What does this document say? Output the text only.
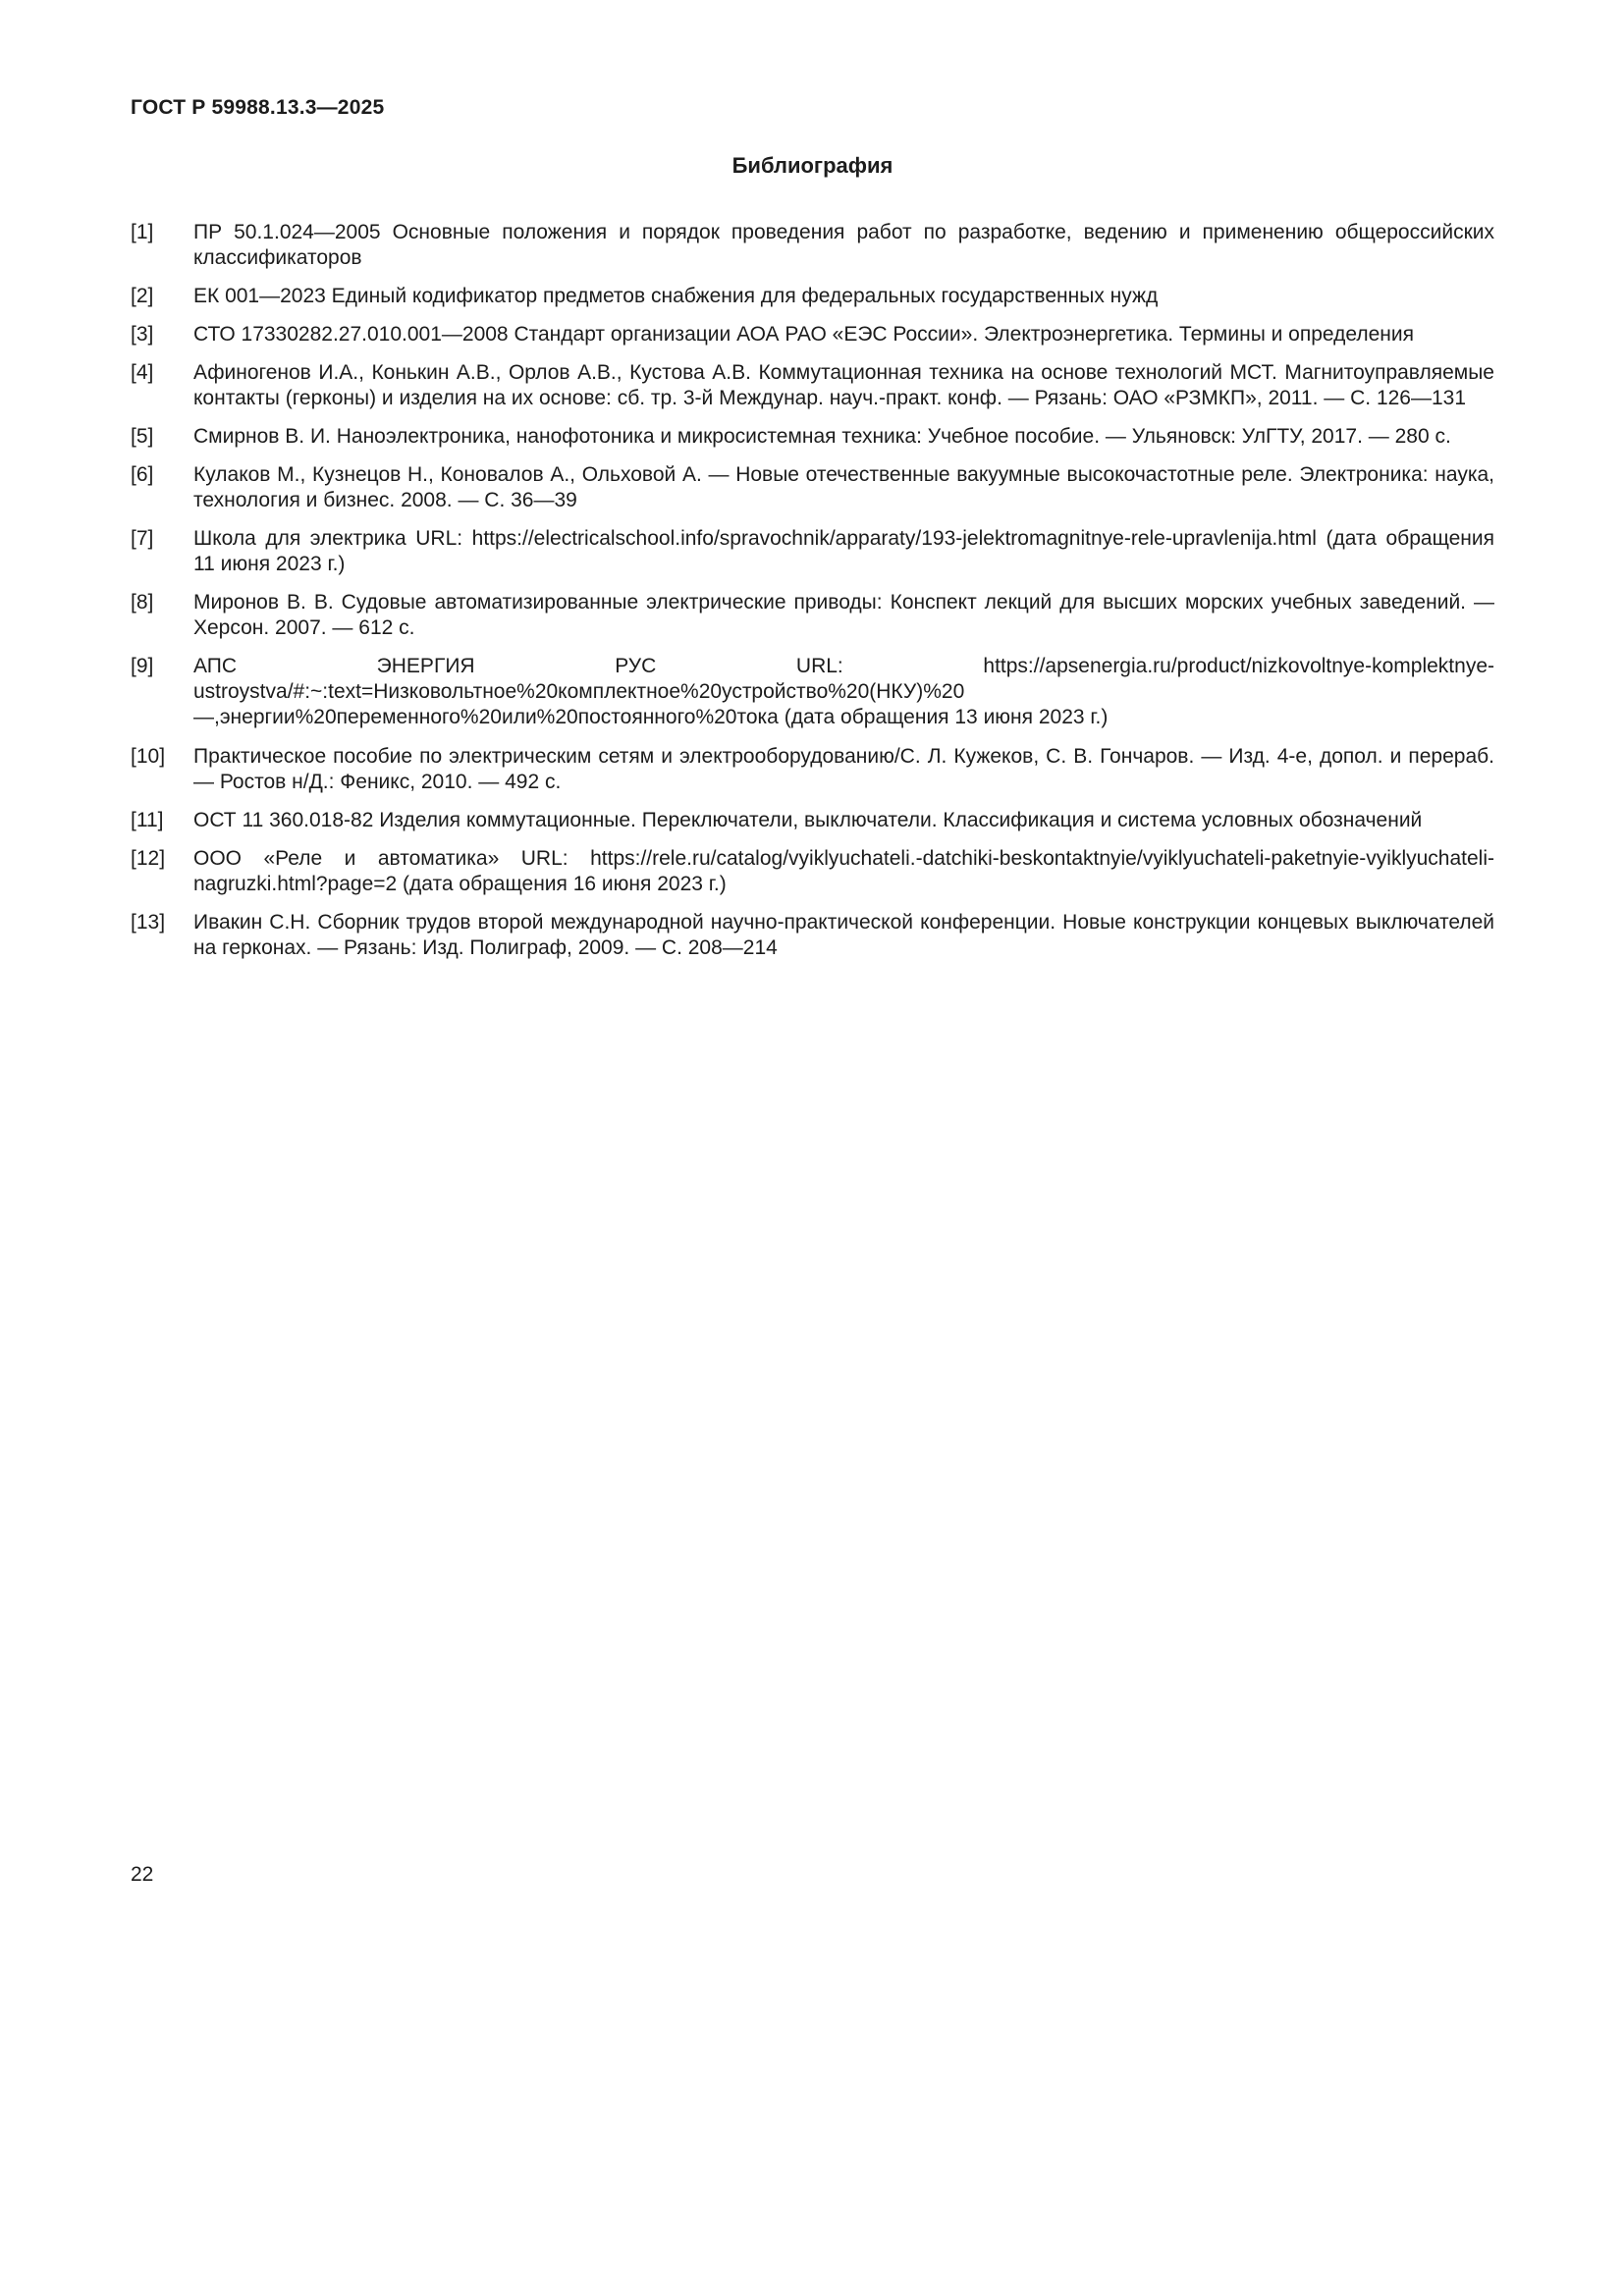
ГОСТ Р 59988.13.3—2025
Библиография
[1]	ПР 50.1.024—2005 Основные положения и порядок проведения работ по разработке, ведению и применению общероссийских классификаторов
[2]	ЕК 001—2023 Единый кодификатор предметов снабжения для федеральных государственных нужд
[3]	СТО 17330282.27.010.001—2008 Стандарт организации АОА РАО «ЕЭС России». Электроэнергетика. Термины и определения
[4]	Афиногенов И.А., Конькин А.В., Орлов А.В., Кустова А.В. Коммутационная техника на основе технологий МСТ. Магнитоуправляемые контакты (герконы) и изделия на их основе: сб. тр. 3-й Междунар. науч.-практ. конф. — Рязань: ОАО «РЗМКП», 2011. — С. 126—131
[5]	Смирнов В. И. Наноэлектроника, нанофотоника и микросистемная техника: Учебное пособие. — Ульяновск: УлГТУ, 2017. — 280 с.
[6]	Кулаков М., Кузнецов Н., Коновалов А., Ольховой А. — Новые отечественные вакуумные высокочастотные реле. Электроника: наука, технология и бизнес. 2008. — С. 36—39
[7]	Школа для электрика URL: https://electricalschool.info/spravochnik/apparaty/193-jelektromagnitnye-rele-upravlenija.html (дата обращения 11 июня 2023 г.)
[8]	Миронов В. В. Судовые автоматизированные электрические приводы: Конспект лекций для высших морских учебных заведений. — Херсон. 2007. — 612 с.
[9]	АПС ЭНЕРГИЯ РУС URL: https://apsenergia.ru/product/nizkovoltnye-komplektnye-ustroystva/#:~:text=Низковольтное%20комплектное%20устройство%20(НКУ)%20—,энергии%20переменного%20или%20постоянного%20тока (дата обращения 13 июня 2023 г.)
[10]	Практическое пособие по электрическим сетям и электрооборудованию/С. Л. Кужеков, С. В. Гончаров. — Изд. 4-е, допол. и перераб. — Ростов н/Д.: Феникс, 2010. — 492 с.
[11]	ОСТ 11 360.018-82 Изделия коммутационные. Переключатели, выключатели. Классификация и система условных обозначений
[12]	ООО «Реле и автоматика» URL: https://rele.ru/catalog/vyiklyuchateli.-datchiki-beskontaktnyie/vyiklyuchateli-paketnyie-vyiklyuchateli-nagruzki.html?page=2 (дата обращения 16 июня 2023 г.)
[13]	Ивакин С.Н. Сборник трудов второй международной научно-практической конференции. Новые конструкции концевых выключателей на герконах. — Рязань: Изд. Полиграф, 2009. — С. 208—214
22
